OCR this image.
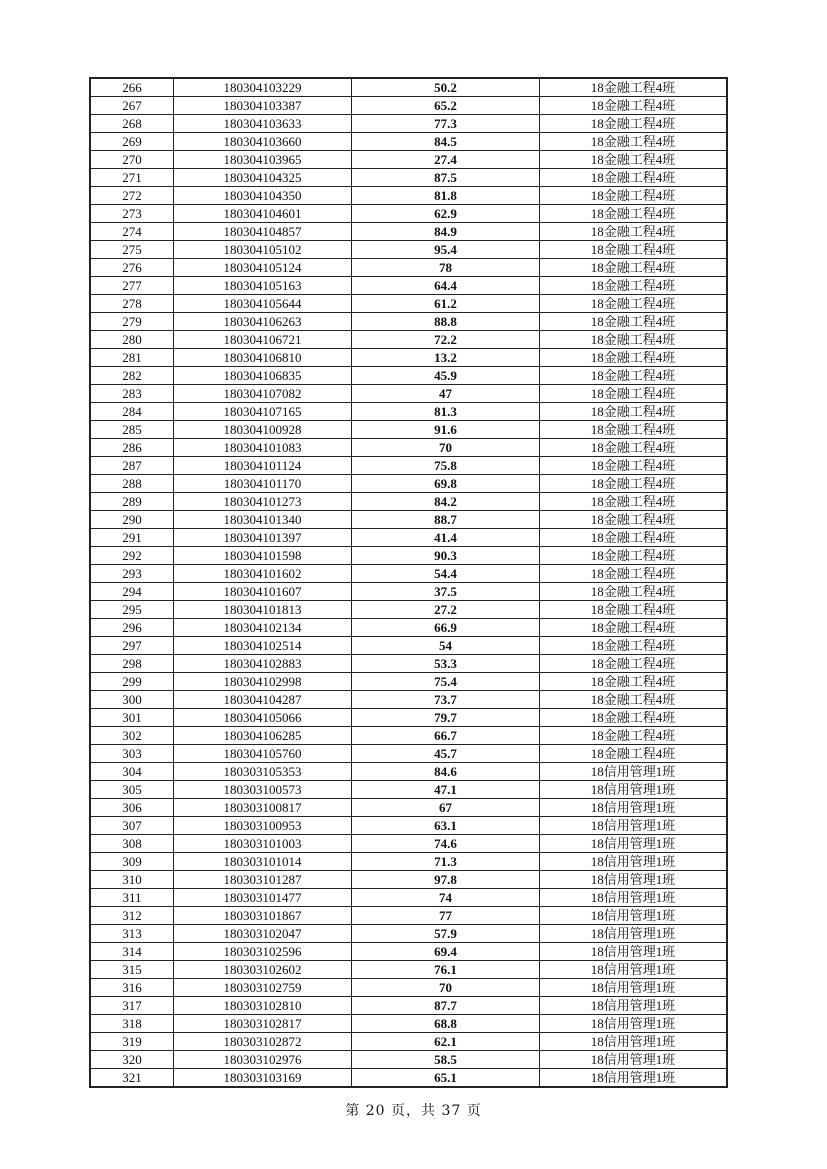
266	180304103229	50.2	18金融工程4班
267	180304103387	65.2	18金融工程4班
268	180304103633	77.3	18金融工程4班
269	180304103660	84.5	18金融工程4班
270	180304103965	27.4	18金融工程4班
271	180304104325	87.5	18金融工程4班
272	180304104350	81.8	18金融工程4班
273	180304104601	62.9	18金融工程4班
274	180304104857	84.9	18金融工程4班
275	180304105102	95.4	18金融工程4班
276	180304105124	78	18金融工程4班
277	180304105163	64.4	18金融工程4班
278	180304105644	61.2	18金融工程4班
279	180304106263	88.8	18金融工程4班
280	180304106721	72.2	18金融工程4班
281	180304106810	13.2	18金融工程4班
282	180304106835	45.9	18金融工程4班
283	180304107082	47	18金融工程4班
284	180304107165	81.3	18金融工程4班
285	180304100928	91.6	18金融工程4班
286	180304101083	70	18金融工程4班
287	180304101124	75.8	18金融工程4班
288	180304101170	69.8	18金融工程4班
289	180304101273	84.2	18金融工程4班
290	180304101340	88.7	18金融工程4班
291	180304101397	41.4	18金融工程4班
292	180304101598	90.3	18金融工程4班
293	180304101602	54.4	18金融工程4班
294	180304101607	37.5	18金融工程4班
295	180304101813	27.2	18金融工程4班
296	180304102134	66.9	18金融工程4班
297	180304102514	54	18金融工程4班
298	180304102883	53.3	18金融工程4班
299	180304102998	75.4	18金融工程4班
300	180304104287	73.7	18金融工程4班
301	180304105066	79.7	18金融工程4班
302	180304106285	66.7	18金融工程4班
303	180304105760	45.7	18金融工程4班
304	180303105353	84.6	18信用管理1班
305	180303100573	47.1	18信用管理1班
306	180303100817	67	18信用管理1班
307	180303100953	63.1	18信用管理1班
308	180303101003	74.6	18信用管理1班
309	180303101014	71.3	18信用管理1班
310	180303101287	97.8	18信用管理1班
311	180303101477	74	18信用管理1班
312	180303101867	77	18信用管理1班
313	180303102047	57.9	18信用管理1班
314	180303102596	69.4	18信用管理1班
315	180303102602	76.1	18信用管理1班
316	180303102759	70	18信用管理1班
317	180303102810	87.7	18信用管理1班
318	180303102817	68.8	18信用管理1班
319	180303102872	62.1	18信用管理1班
320	180303102976	58.5	18信用管理1班
321	180303103169	65.1	18信用管理1班
第 20 页，共 37 页
